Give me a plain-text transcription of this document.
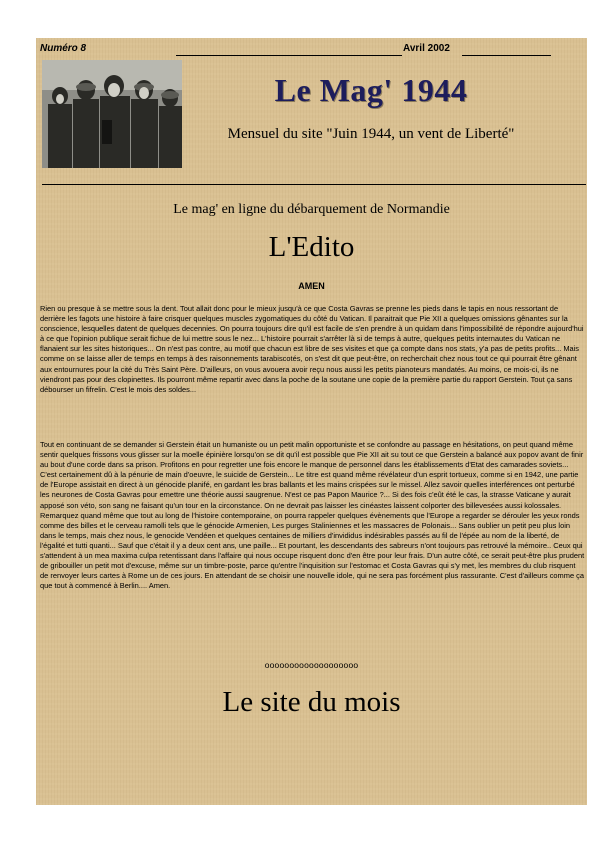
Numéro 8	Avril 2002
Le Mag' 1944
Mensuel du site "Juin 1944, un vent de Liberté"
Le mag' en ligne du débarquement de Normandie
L'Edito
AMEN

Rien ou presque à se mettre sous la dent. Tout allait donc pour le mieux jusqu'à ce que Costa Gavras se prenne les pieds dans le tapis en nous ressortant de derrière les fagots une histoire à faire crisquer quelques muscles zygomatiques du côté du Vatican. Il paraitrait que Pie XII a quelques omissions gênantes sur la conscience, lesquelles datent de quelques decennies. On pourra toujours dire qu'il est facile de s'en prendre à un quidam dans l'impossibilité de répondre aujourd'hui à ce que l'opinion publique serait fichue de lui mettre sous le nez... L'histoire pourrait s'arrêter là si de temps à autre, quelques petits internautes du Vatican ne flanaient sur les sites historiques... On n'est pas contre, au motif que chacun est libre de ses visites et que ça compte dans nos stats, y'a pas de petits profits... Mais comme on se laisse aller de temps en temps à des raisonnements tarabiscotés, on s'est dit que peut-être, on recherchait chez nous tout ce qui pourrait être gênant aux entournures pour la cité du Très Saint Père. D'ailleurs, on vous avouera avoir reçu nous aussi les petits pianoteurs mandatés. Au moins, ce mois-ci, ils ne viendront pas pour des clopinettes. Ils pourront même repartir avec dans la poche de la soutane une copie de la première partie du rapport Gerstein. Tout ça sans débourser un fifrelin. C'est le mois des soldes...

Tout en continuant de se demander si Gerstein était un humaniste ou un petit malin opportuniste et se confondre au passage en hésitations, on peut quand même sentir quelques frissons vous glisser sur la moelle épinière lorsqu'on se dit qu'il est possible que Pie XII ait su tout ce que Gerstein a balancé aux popov avant de finir au bout d'une corde dans sa prison. Profitons en pour regretter une fois encore le manque de personnel dans les établissements d'Etat des camarades soviets... C'est certainement dû à la pénurie de main d'oeuvre, le suicide de Gerstein... Le titre est quand même révélateur d'un esprit tortueux, comme si en 1942, une partie de l'Europe assistait en direct à un génocide planifé, en gardant les bras ballants et les mains crispées sur le missel. Allez savoir quelles interférences ont perturbé les neurones de Costa Gavras pour emettre une théorie aussi saugrenue. N'est ce pas Papon Maurice ?... Si des fois c'eût été le cas, la strasse Vaticane y aurait apposé son véto, son sang ne faisant qu'un tour en la circonstance. On ne devrait pas laisser les cinéastes laissent colporter des billevesées aussi kolossales. Remarquez quand même que tout au long de l'histoire contemporaine, on pourra rappeler quelques évènements que l'Europe a regarder se dérouler les yeux ronds comme des billes et le cerveau ramolli tels que le génocide Armenien, Les purges Staliniennes et les massacres de Polonais... Sans oublier un petit peu plus loin dans le temps, mais chez nous, le genocide Vendéen et quelques centaines de milliers d'invididus indésirables passés au fil de l'épée au nom de la liberté, de l'égalité et tutti quanti... Sauf que c'était il y a deux cent ans, une paille... Et pourtant, les descendants des sabreurs n'ont toujours pas retrouvé la mémoire.. Ceux qui s'attendent à un mea maxima culpa retentissant dans l'affaire qui nous occupe risquent donc d'en être pour leur frais. D'un autre côté, ce serait peut-être plus prudent de gribouiller un petit mot d'excuse, même sur un timbre-poste, parce qu'entre l'inquisition sur l'estomac et Costa Gavras qui s'y met, les membres du club risquent de renvoyer leurs cartes à Rome un de ces jours. En attendant de se choisir une nouvelle idole, qui ne sera pas forcément plus rassurante. C'est d'ailleurs comme ça que tout à commencé à Berlin.... Amen.

ooooooooooooooooooo
Le site du mois
